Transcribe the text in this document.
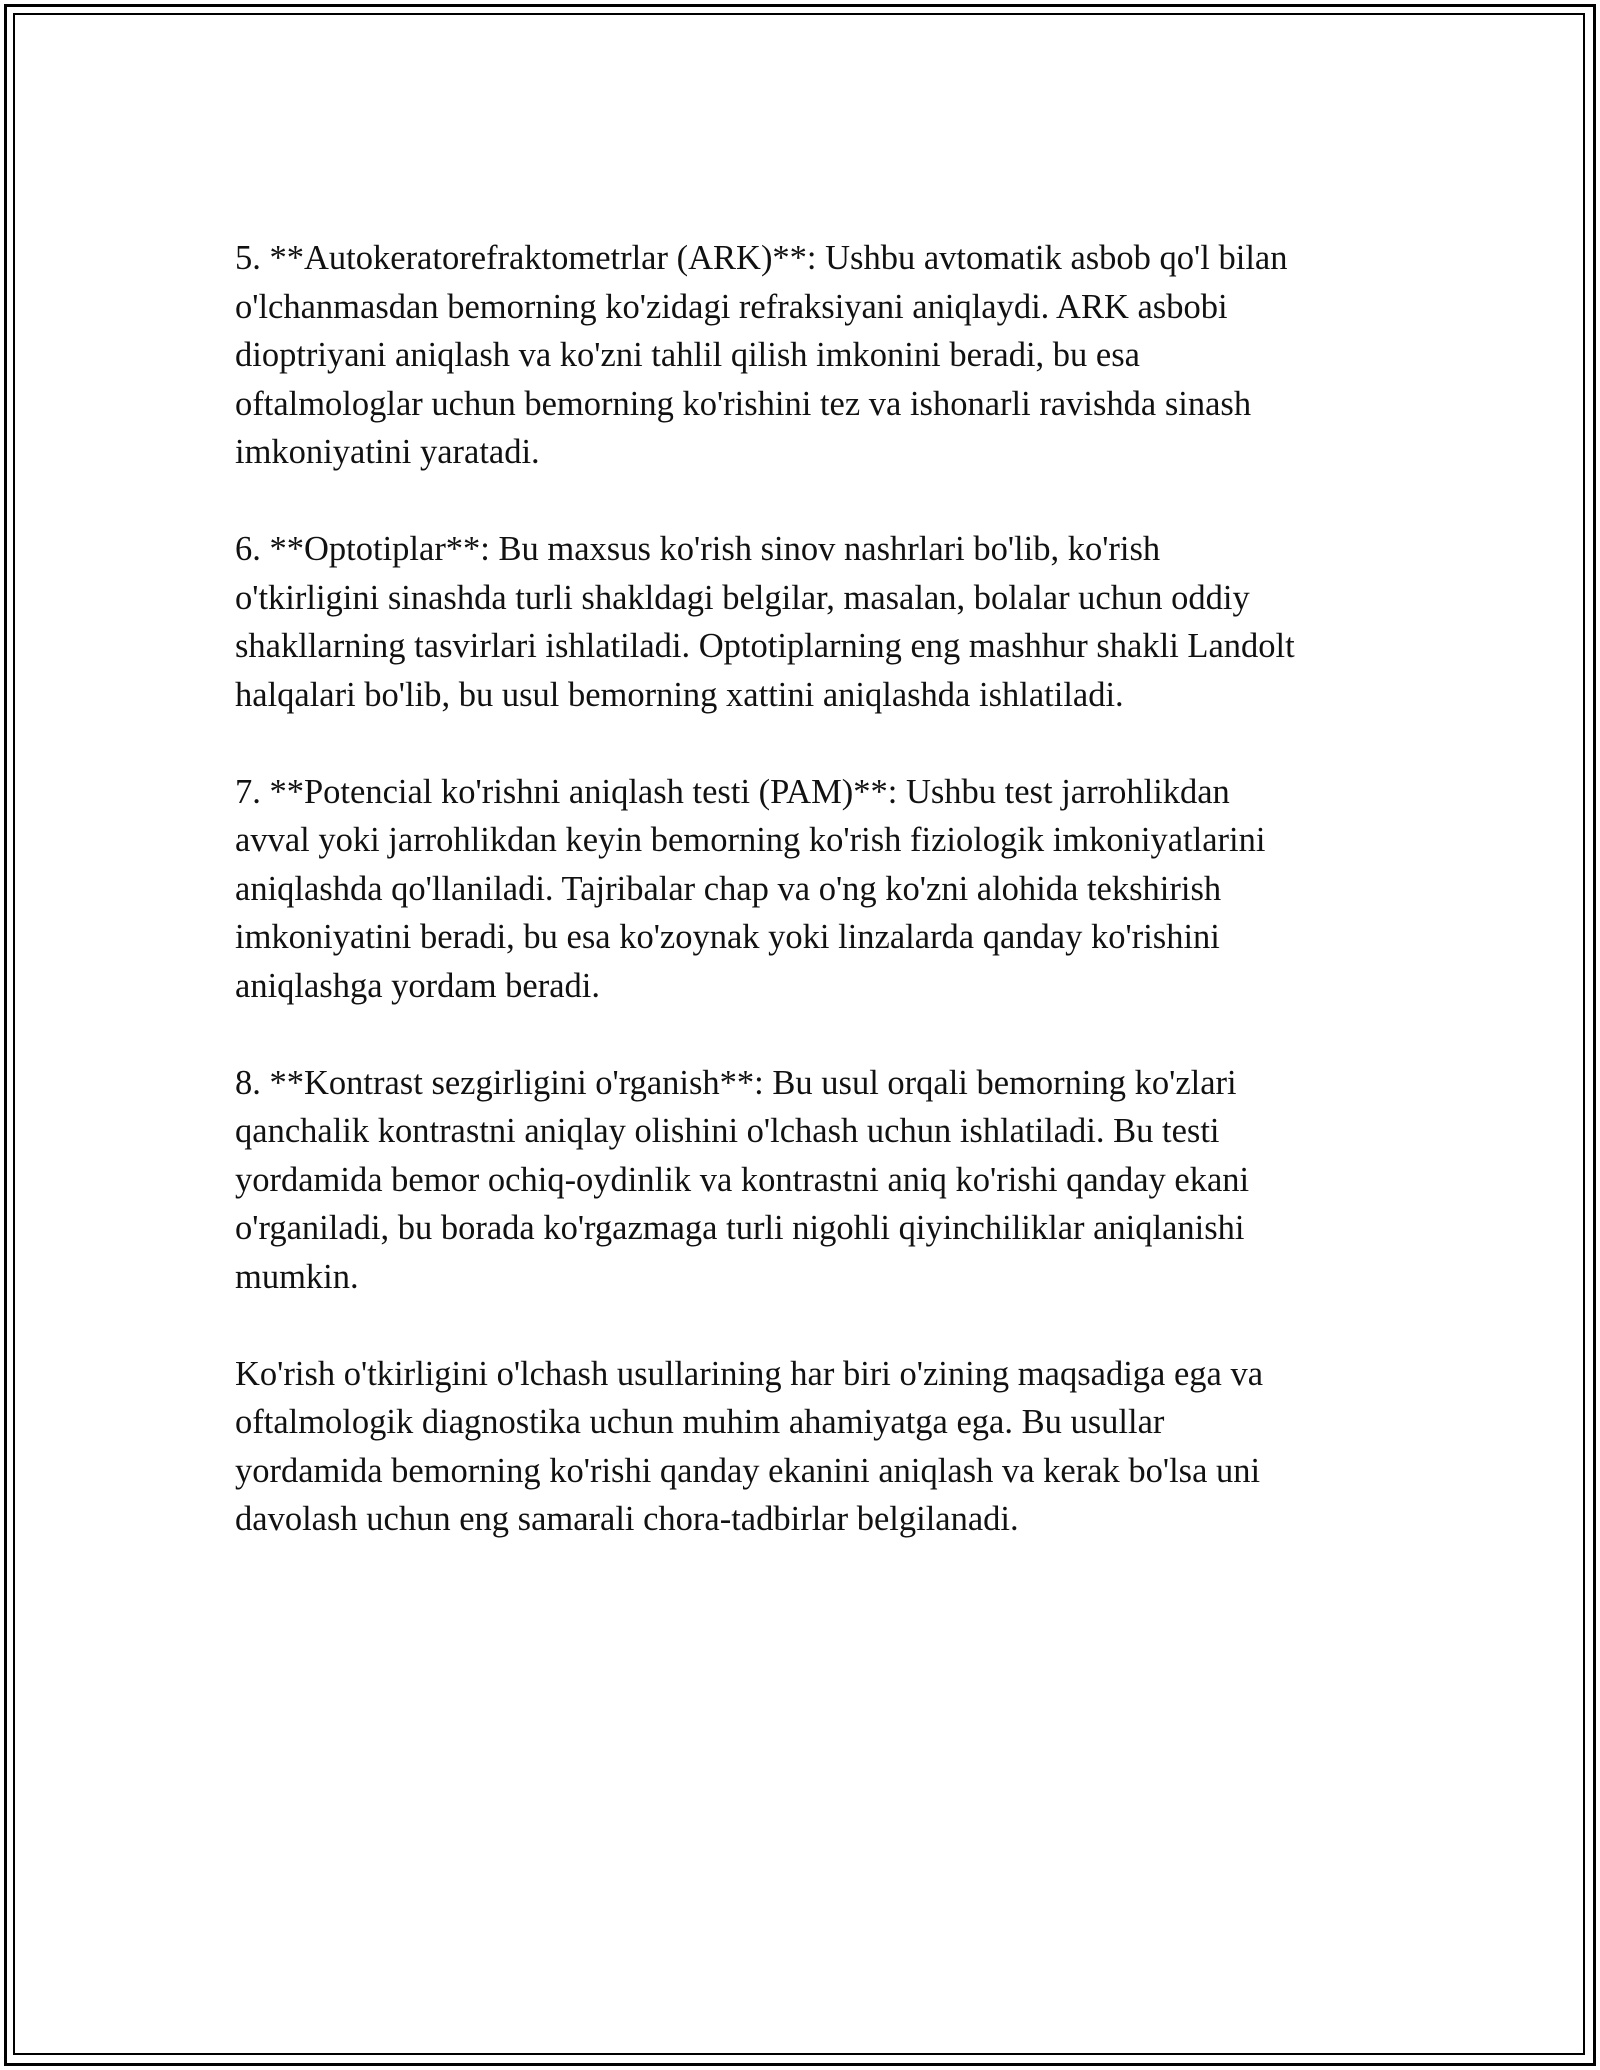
5. **Autokeratorefraktometrlar (ARK)**: Ushbu avtomatik asbob qo'l bilan
o'lchanmasdan bemorning ko'zidagi refraksiyani aniqlaydi. ARK asbobi
dioptriyani aniqlash va ko'zni tahlil qilish imkonini beradi, bu esa
oftalmologlar uchun bemorning ko'rishini tez va ishonarli ravishda sinash
imkoniyatini yaratadi.

6. **Optotiplar**: Bu maxsus ko'rish sinov nashrlari bo'lib, ko'rish
o'tkirligini sinashda turli shakldagi belgilar, masalan, bolalar uchun oddiy
shakllarning tasvirlari ishlatiladi. Optotiplarning eng mashhur shakli Landolt
halqalari bo'lib, bu usul bemorning xattini aniqlashda ishlatiladi.

7. **Potencial ko'rishni aniqlash testi (PAM)**: Ushbu test jarrohlikdan
avval yoki jarrohlikdan keyin bemorning ko'rish fiziologik imkoniyatlarini
aniqlashda qo'llaniladi. Tajribalar chap va o'ng ko'zni alohida tekshirish
imkoniyatini beradi, bu esa ko'zoynak yoki linzalarda qanday ko'rishini
aniqlashga yordam beradi.

8. **Kontrast sezgirligini o'rganish**: Bu usul orqali bemorning ko'zlari
qanchalik kontrastni aniqlay olishini o'lchash uchun ishlatiladi. Bu testi
yordamida bemor ochiq-oydinlik va kontrastni aniq ko'rishi qanday ekani
o'rganiladi, bu borada ko'rgazmaga turli nigohli qiyinchiliklar aniqlanishi
mumkin.

Ko'rish o'tkirligini o'lchash usullarining har biri o'zining maqsadiga ega va
oftalmologik diagnostika uchun muhim ahamiyatga ega. Bu usullar
yordamida bemorning ko'rishi qanday ekanini aniqlash va kerak bo'lsa uni
davolash uchun eng samarali chora-tadbirlar belgilanadi.
